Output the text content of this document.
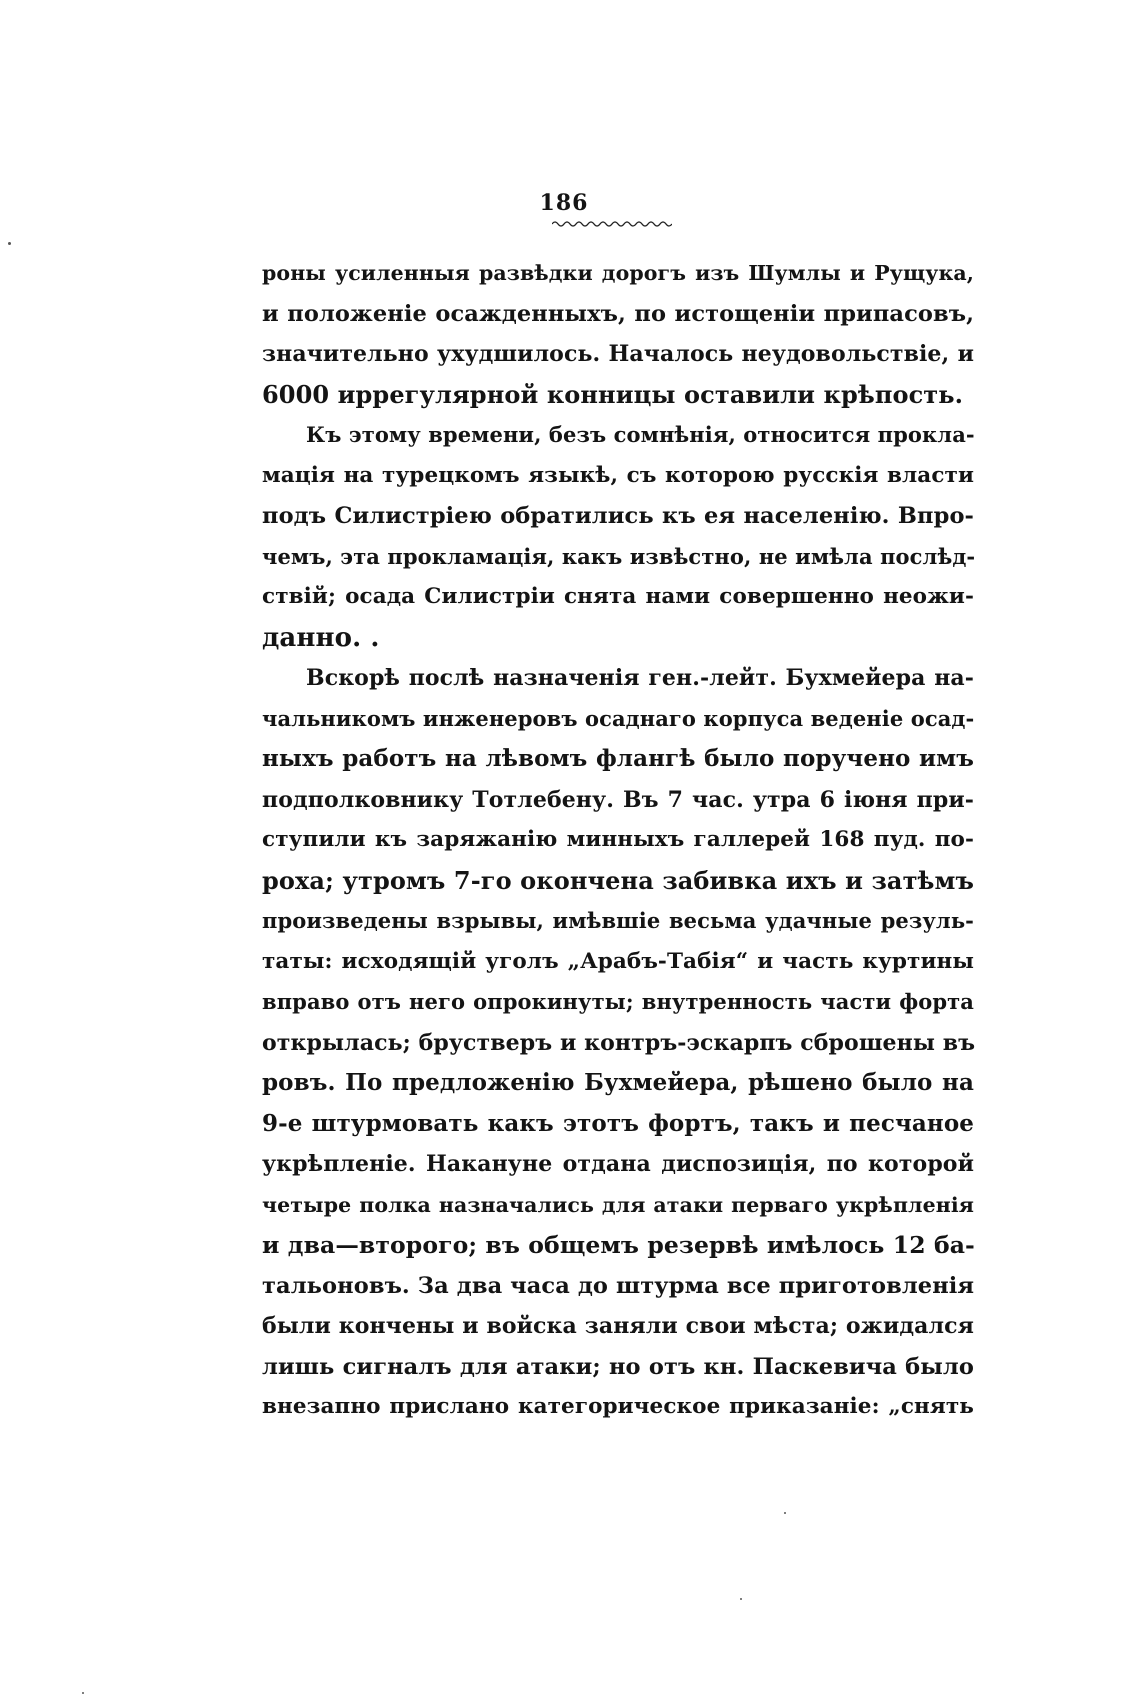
186
роны усиленныя развѣдки дорогъ изъ Шумлы и Рущука,
и положеніе осажденныхъ, по истощеніи припасовъ,
значительно ухудшилось. Началось неудовольствіе, и
6000 иррегулярной конницы оставили крѣпость.
Къ этому времени, безъ сомнѣнія, относится прокла-
мація на турецкомъ языкѣ, съ которою русскія власти
подъ Силистріею обратились къ ея населенію. Впро-
чемъ, эта прокламація, какъ извѣстно, не имѣла послѣд-
ствій; осада Силистріи снята нами совершенно неожи-
данно. .
Вскорѣ послѣ назначенія ген.-лейт. Бухмейера на-
чальникомъ инженеровъ осаднаго корпуса веденіе осад-
ныхъ работъ на лѣвомъ флангѣ было поручено имъ
подполковнику Тотлебену. Въ 7 час. утра 6 іюня при-
ступили къ заряжанію минныхъ галлерей 168 пуд. по-
роха; утромъ 7-го окончена забивка ихъ и затѣмъ
произведены взрывы, имѣвшіе весьма удачные резуль-
таты: исходящій уголъ „Арабъ-Табія“ и часть куртины
вправо отъ него опрокинуты; внутренность части форта
открылась; брустверъ и контръ-эскарпъ сброшены въ
ровъ. По предложенію Бухмейера, рѣшено было на
9-е штурмовать какъ этотъ фортъ, такъ и песчаное
укрѣпленіе. Накануне отдана диспозиція, по которой
четыре полка назначались для атаки перваго укрѣпленія
и два—второго; въ общемъ резервѣ имѣлось 12 ба-
тальоновъ. За два часа до штурма все приготовленія
были кончены и войска заняли свои мѣста; ожидался
лишь сигналъ для атаки; но отъ кн. Паскевича было
внезапно прислано категорическое приказаніе: „снять
